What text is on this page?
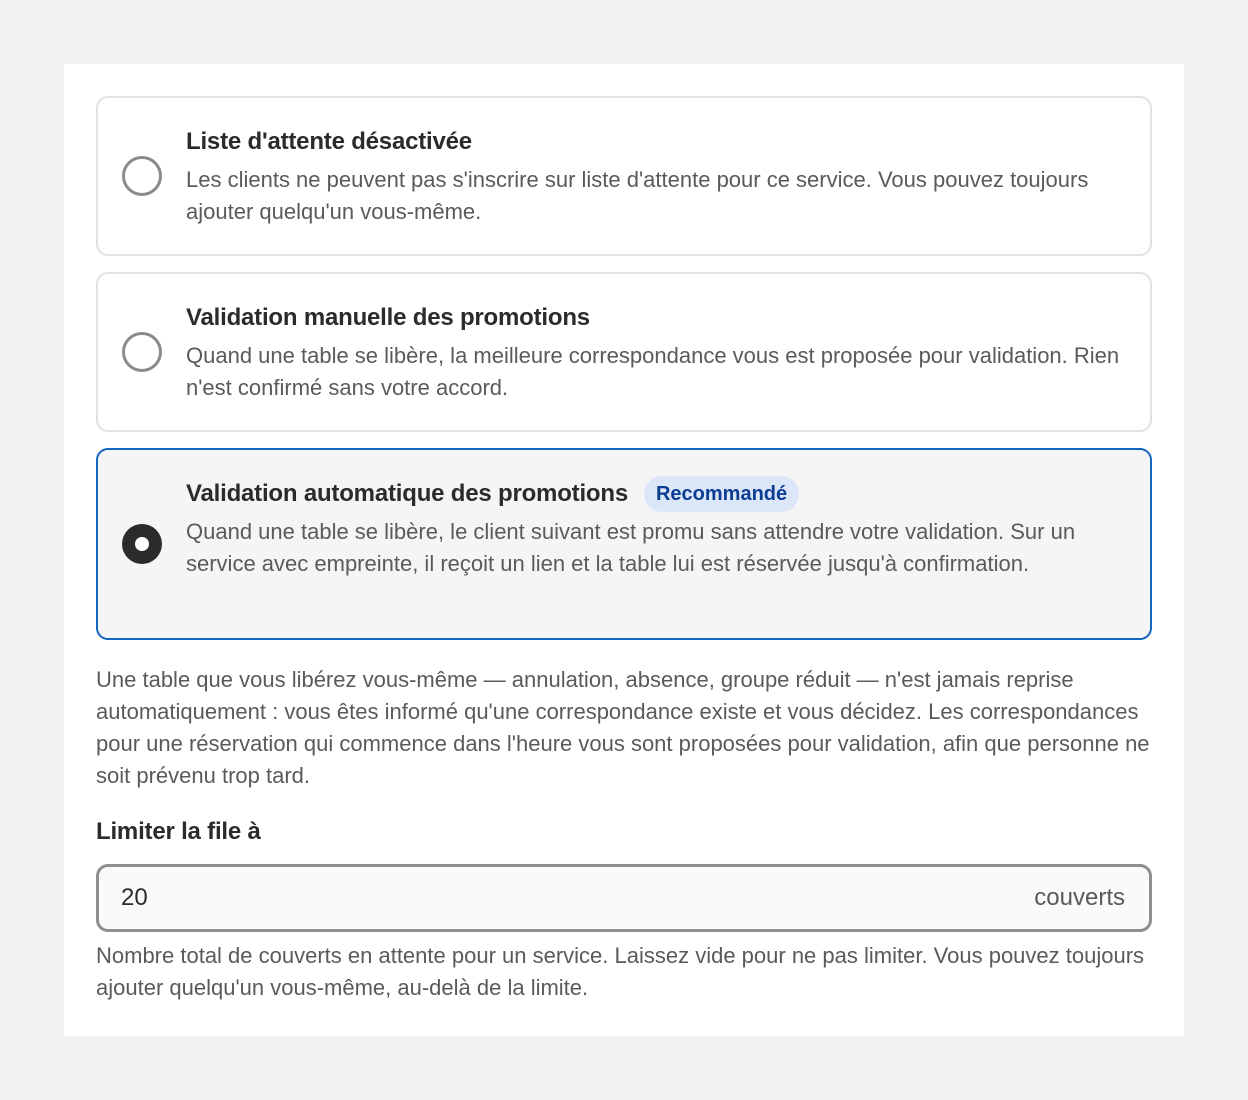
Liste d'attente désactivée
Les clients ne peuvent pas s'inscrire sur liste d'attente pour ce service. Vous pouvez toujours ajouter quelqu'un vous-même.
Validation manuelle des promotions
Quand une table se libère, la meilleure correspondance vous est proposée pour validation. Rien n'est confirmé sans votre accord.
Validation automatique des promotions	Recommandé
Quand une table se libère, le client suivant est promu sans attendre votre validation. Sur un service avec empreinte, il reçoit un lien et la table lui est réservée jusqu'à confirmation.
Une table que vous libérez vous-même — annulation, absence, groupe réduit — n'est jamais reprise automatiquement : vous êtes informé qu'une correspondance existe et vous décidez. Les correspondances pour une réservation qui commence dans l'heure vous sont proposées pour validation, afin que personne ne soit prévenu trop tard.
Limiter la file à
20
couverts
Nombre total de couverts en attente pour un service. Laissez vide pour ne pas limiter. Vous pouvez toujours ajouter quelqu'un vous-même, au-delà de la limite.
